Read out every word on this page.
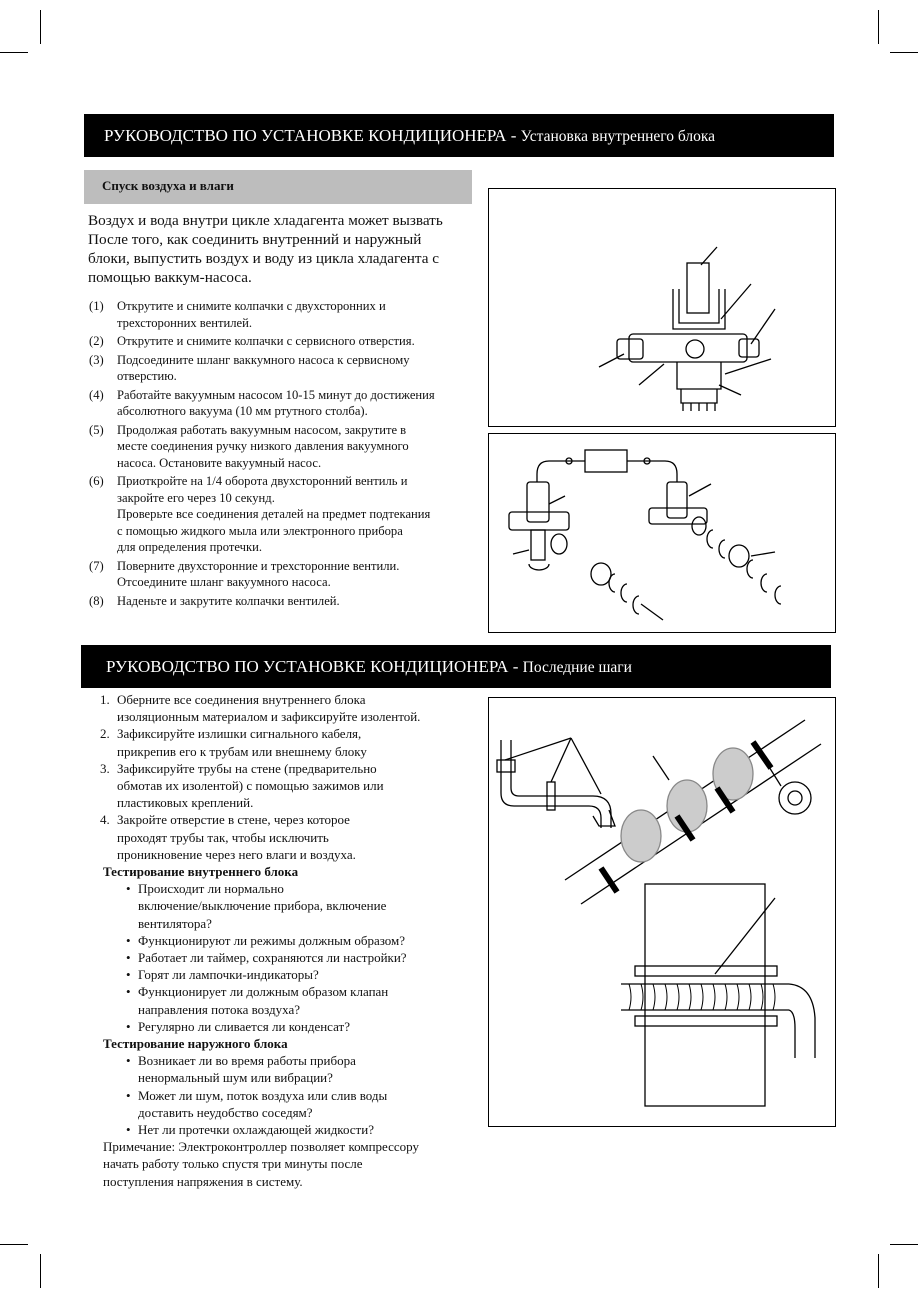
РУКОВОДСТВО ПО УСТАНОВКЕ КОНДИЦИОНЕРА - Установка внутреннего блока
Спуск воздуха и влаги
Воздух и вода внутри цикле хладагента может вызвать
После того, как соединить внутренний и наружный
блоки, выпустить воздух и воду из цикла хладагента с
помощью ваккум-насоса.
(1) Открутите и снимите колпачки с двухсторонних и
трехсторонних вентилей.
(2) Открутите и снимите колпачки с сервисного отверстия.
(3) Подсоедините шланг ваккумного насоса к сервисному
отверстию.
(4) Работайте вакуумным насосом 10-15 минут до достижения
абсолютного вакуума (10 мм ртутного столба).
(5) Продолжая работать вакуумным насосом, закрутите в
месте соединения ручку низкого давления вакуумного
насоса. Остановите вакуумный насос.
(6) Приоткройте на 1/4 оборота двухсторонний вентиль и
закройте его через 10 секунд.
Проверьте все соединения деталей на предмет подтекания
с помощью жидкого мыла или электронного прибора
для определения протечки.
(7) Поверните двухсторонние и трехсторонние вентили.
Отсоедините шланг вакуумного насоса.
(8) Наденьте и закрутите колпачки вентилей.
РУКОВОДСТВО ПО УСТАНОВКЕ КОНДИЦИОНЕРА - Последние шаги
1. Оберните все соединения внутреннего блока
изоляционным материалом и зафиксируйте изолентой.
2. Зафиксируйте излишки сигнального кабеля,
прикрепив его к трубам или внешнему блоку
3. Зафиксируйте трубы на стене (предварительно
обмотав их изолентой) с помощью зажимов или
пластиковых креплений.
4. Закройте отверстие в стене, через которое
проходят трубы так, чтобы исключить
проникновение через него влаги и воздуха.
Тестирование внутреннего блока
• Происходит ли нормально
включение/выключение прибора, включение
вентилятора?
• Функционируют ли режимы должным образом?
• Работает ли таймер, сохраняются ли настройки?
• Горят ли лампочки-индикаторы?
• Функционирует ли должным образом клапан
направления потока воздуха?
• Регулярно ли сливается ли конденсат?
Тестирование наружного блока
• Возникает ли во время работы прибора
ненормальный шум или вибрации?
• Может ли шум, поток воздуха или слив воды
доставить неудобство соседям?
• Нет ли протечки охлаждающей жидкости?
Примечание: Электроконтроллер позволяет компрессору
начать работу только спустя три минуты после
поступления напряжения в систему.
